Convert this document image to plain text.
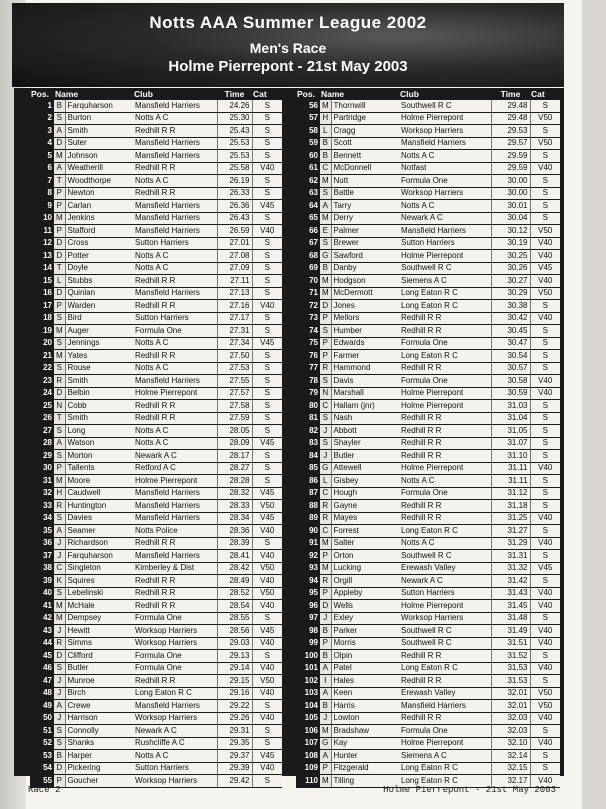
Notts AAA Summer League 2002
Men's Race
Holme Pierrepont - 21st May 2003
Pos.	Name		Club	Time	Cat
1	B	Farquharson	Mansfield Harriers	24.26	S
2	S	Burton	Notts A C	25.30	S
3	A	Smith	Redhill R R	25.43	S
4	D	Suter	Mansfield Harriers	25.53	S
5	M	Johnson	Mansfield Harriers	25.53	S
6	A	Weatherill	Redhill R R	25.58	V40
7	T	Woodthorpe	Notts A C	26.19	S
8	P	Newton	Redhill R R	26.33	S
9	P	Carlan	Mansfield Harriers	26.36	V45
10	M	Jenkins	Mansfield Harriers	26.43	S
11	P	Stafford	Mansfield Harriers	26.59	V40
12	D	Cross	Sutton Harriers	27.01	S
13	D	Potter	Notts A C	27.08	S
14	T	Doyle	Notts A C	27.09	S
15	L	Stubbs	Redhill R R	27.11	S
16	D	Quinlan	Mansfield Harriers	27.13	S
17	P	Warden	Redhill R R	27.16	V40
18	S	Bird	Sutton Harriers	27.17	S
19	M	Auger	Formula One	27.31	S
20	S	Jennings	Notts A C	27.34	V45
21	M	Yates	Redhill R R	27.50	S
22	S	Rouse	Notts A C	27.53	S
23	R	Smith	Mansfield Harriers	27.55	S
24	D	Belbin	Holme Pierrepont	27.57	S
25	N	Cobb	Redhill R R	27.58	S
26	T	Smith	Redhill R R	27.59	S
27	S	Long	Notts A C	28.05	S
28	A	Watson	Notts A C	28.09	V45
29	S	Morton	Newark A C	28.17	S
30	P	Tallents	Retford A C	28.27	S
31	M	Moore	Holme Pierrepont	28.28	S
32	H	Caudwell	Mansfield Harriers	28.32	V45
33	R	Huntington	Mansfield Harriers	28.33	V50
34	S	Davies	Mansfield Harriers	28.34	V45
35	A	Seamer	Notts Police	28.36	V40
36	J	Richardson	Redhill R R	28.39	S
37	J	Farquharson	Mansfield Harriers	28.41	V40
38	C	Singleton	Kimberley & Dist	28.42	V50
39	K	Squires	Redhill R R	28.49	V40
40	S	Lebelinski	Redhill R R	28.52	V50
41	M	McHale	Redhill R R	28.54	V40
42	M	Dempsey	Formula One	28.55	S
43	J	Hewitt	Worksop Harriers	28.56	V45
44	R	Simms	Worksop Harriers	29.03	V40
45	D	Clifford	Formula One	29.13	S
46	S	Butler	Formula One	29.14	V40
47	J	Munroe	Redhill R R	29.15	V50
48	J	Birch	Long Eaton R C	29.16	V40
49	A	Crewe	Mansfield Harriers	29.22	S
50	J	Harrison	Worksop Harriers	29.26	V40
51	S	Connolly	Newark A C	29.31	S
52	S	Shanks	Rushcliffe A C	29.35	S
53	B	Harper	Notts A C	29.37	V45
54	D	Pickering	Sutton Harriers	29.39	V40
55	P	Goucher	Worksop Harriers	29.42	S
Pos.	Name		Club	Time	Cat
56	M	Thornwill	Southwell R C	29.48	S
57	H	Partridge	Holme Pierrepont	29.48	V50
58	L	Cragg	Worksop Harriers	29.53	S
59	B	Scott	Mansfield Harriers	29.57	V50
60	B	Bennett	Notts A C	29.59	S
61	C	McDonnell	Notfast	29.59	V40
62	M	Nutt	Formula One	30.00	S
63	S	Battle	Worksop Harriers	30.00	S
64	A	Tarry	Notts A C	30.01	S
65	M	Derry	Newark A C	30.04	S
66	E	Palmer	Mansfield Harriers	30.12	V50
67	S	Brewer	Sutton Harriers	30.19	V40
68	G	Sawford	Holme Pierrepont	30.25	V40
69	B	Danby	Southwell R C	30.26	V45
70	M	Hodgson	Siemens A C	30.27	V40
71	M	McDermott	Long Eaton R C	30.29	V50
72	D	Jones	Long Eaton R C	30.38	S
73	P	Mellors	Redhill R R	30.42	V40
74	S	Humber	Redhill R R	30.45	S
75	P	Edwards	Formula One	30.47	S
76	P	Farmer	Long Eaton R C	30.54	S
77	R	Hammond	Redhill R R	30.57	S
78	S	Davis	Formula One	30.58	V40
79	N	Marshall	Holme Pierrepont	30.59	V40
80	C	Hallam (jnr)	Holme Pierrepont	31.03	S
81	S	Nash	Redhill R R	31.04	S
82	J	Abbott	Redhill R R	31.05	S
83	S	Shayler	Redhill R R	31.07	S
84	J	Butler	Redhill R R	31.10	S
85	G	Attewell	Holme Pierrepont	31.11	V40
86	L	Gisbey	Notts A C	31.11	S
87	C	Hough	Formula One	31.12	S
88	R	Gayne	Redhill R R	31.18	S
89	R	Mayes	Redhill R R	31.25	V40
90	C	Forrest	Long Eaton R C	31.27	S
91	M	Salter	Notts A C	31.29	V40
92	P	Orton	Southwell R C	31.31	S
93	M	Lucking	Erewash Valley	31.32	V45
94	R	Orgill	Newark A C	31.42	S
95	P	Appleby	Sutton Harriers	31.43	V40
96	D	Wells	Holme Pierrepont	31.45	V40
97	J	Exley	Worksop Harriers	31.48	S
98	B	Parker	Southwell R C	31.49	V40
99	P	Morris	Southwell R C	31.51	V40
100	B	Olpin	Redhill R R	31.52	S
101	A	Patel	Long Eaton R C	31.53	V40
102	I	Hales	Redhill R R	31.53	S
103	A	Keen	Erewash Valley	32.01	V50
104	B	Harris	Mansfield Harriers	32.01	V50
105	J	Lowton	Redhill R R	32.03	V40
106	M	Bradshaw	Formula One	32.03	S
107	G	Kay	Holme Pierrepont	32.10	V40
108	A	Hunter	Siemens A C	32.14	S
109	P	Fitzgerald	Long Eaton R C	32.15	S
110	M	Tilling	Long Eaton R C	32.17	V40
Race 2	Holme Pierrepont - 21st May 2003
